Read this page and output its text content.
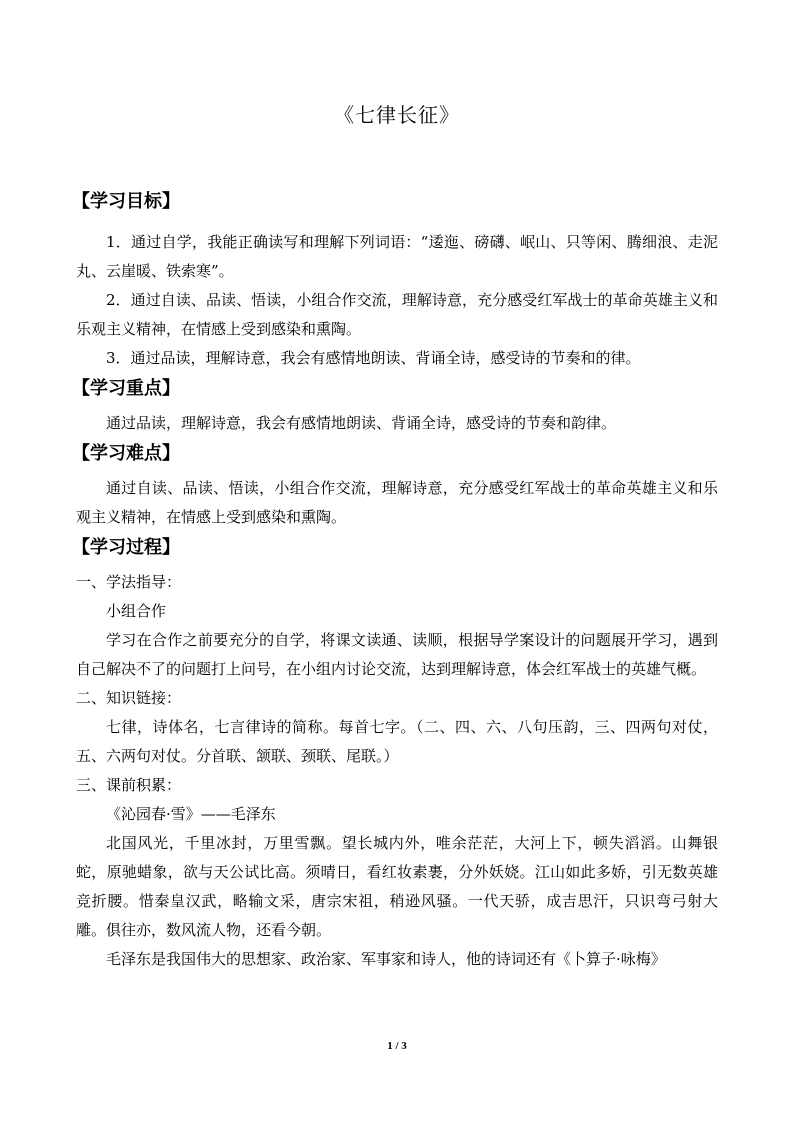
《七律长征》
【学习目标】

1．通过自学，我能正确读写和理解下列词语：“逶迤、磅礴、岷山、只等闲、腾细浪、走泥丸、云崖暖、铁索寒”。

2．通过自读、品读、悟读，小组合作交流，理解诗意，充分感受红军战士的革命英雄主义和乐观主义精神，在情感上受到感染和熏陶。

3．通过品读，理解诗意，我会有感情地朗读、背诵全诗，感受诗的节奏和的律。

【学习重点】

通过品读，理解诗意，我会有感情地朗读、背诵全诗，感受诗的节奏和韵律。

【学习难点】

通过自读、品读、悟读，小组合作交流，理解诗意，充分感受红军战士的革命英雄主义和乐观主义精神，在情感上受到感染和熏陶。

【学习过程】

一、学法指导：

小组合作

学习在合作之前要充分的自学，将课文读通、读顺，根据导学案设计的问题展开学习，遇到自己解决不了的问题打上问号，在小组内讨论交流，达到理解诗意，体会红军战士的英雄气概。

二、知识链接：

七律，诗体名，七言律诗的简称。每首七字。（二、四、六、八句压韵，三、四两句对仗，五、六两句对仗。分首联、颔联、颈联、尾联。）

三、课前积累：

《沁园春·雪》——毛泽东

北国风光，千里冰封，万里雪飘。望长城内外，唯余茫茫，大河上下，顿失滔滔。山舞银蛇，原驰蜡象，欲与天公试比高。须晴日，看红妆素裹，分外妖娆。江山如此多娇，引无数英雄竞折腰。惜秦皇汉武，略输文采，唐宗宋祖，稍逊风骚。一代天骄，成吉思汗，只识弯弓射大雕。俱往亦，数风流人物，还看今朝。

毛泽东是我国伟大的思想家、政治家、军事家和诗人，他的诗词还有《卜算子·咏梅》

1 / 3
